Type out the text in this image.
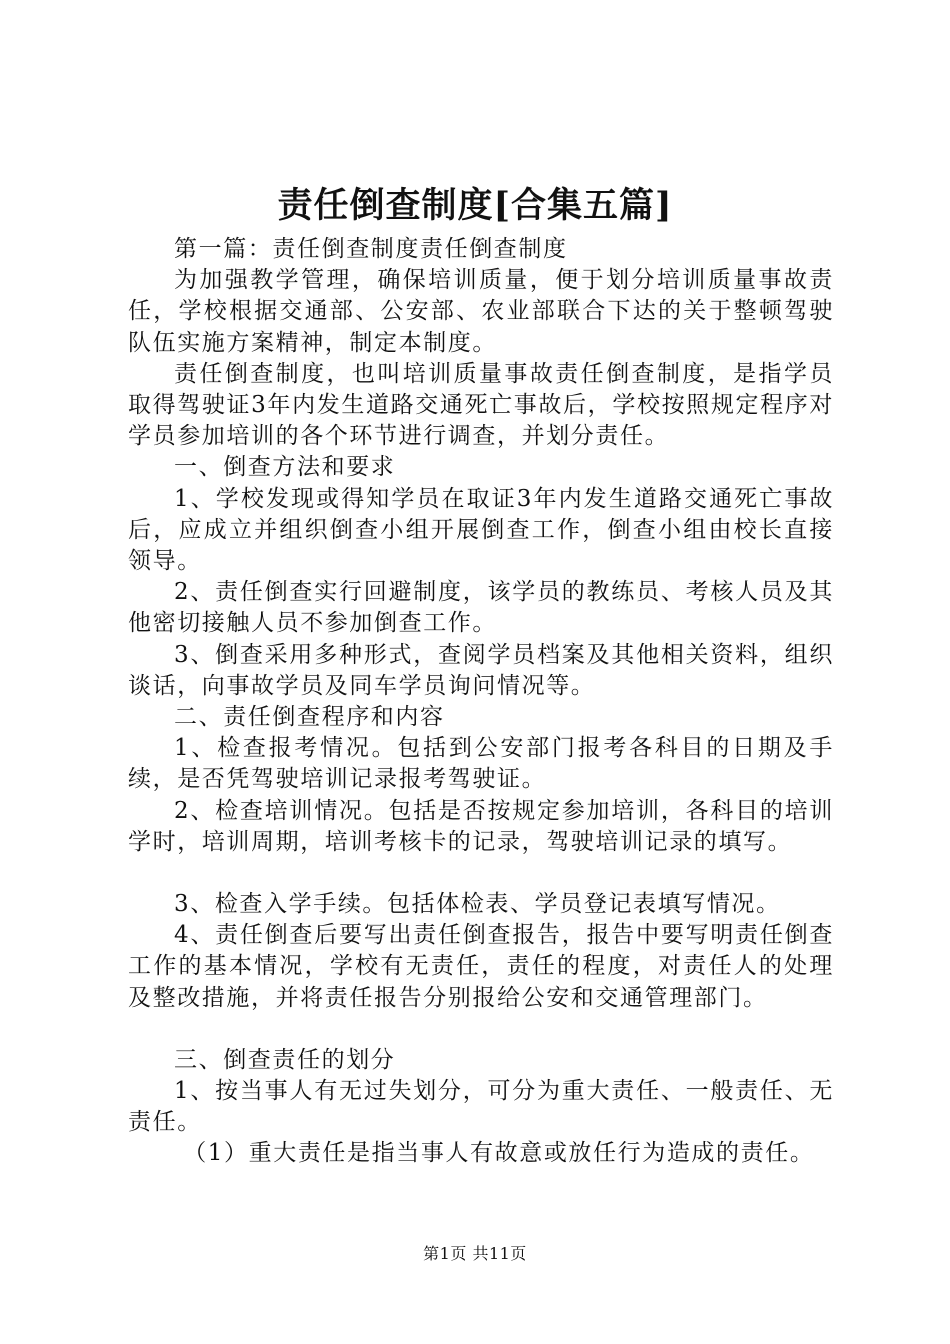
责任倒查制度[合集五篇]

第一篇：责任倒查制度责任倒查制度

为加强教学管理，确保培训质量，便于划分培训质量事故责任，学校根据交通部、公安部、农业部联合下达的关于整顿驾驶队伍实施方案精神，制定本制度。

责任倒查制度，也叫培训质量事故责任倒查制度，是指学员取得驾驶证3年内发生道路交通死亡事故后，学校按照规定程序对学员参加培训的各个环节进行调查，并划分责任。

一、倒查方法和要求

1、学校发现或得知学员在取证3年内发生道路交通死亡事故后，应成立并组织倒查小组开展倒查工作，倒查小组由校长直接领导。

2、责任倒查实行回避制度，该学员的教练员、考核人员及其他密切接触人员不参加倒查工作。

3、倒查采用多种形式，查阅学员档案及其他相关资料，组织谈话，向事故学员及同车学员询问情况等。

二、责任倒查程序和内容

1、检查报考情况。包括到公安部门报考各科目的日期及手续，是否凭驾驶培训记录报考驾驶证。

2、检查培训情况。包括是否按规定参加培训，各科目的培训学时，培训周期，培训考核卡的记录，驾驶培训记录的填写。

3、检查入学手续。包括体检表、学员登记表填写情况。

4、责任倒查后要写出责任倒查报告，报告中要写明责任倒查工作的基本情况，学校有无责任，责任的程度，对责任人的处理及整改措施，并将责任报告分别报给公安和交通管理部门。

三、倒查责任的划分

1、按当事人有无过失划分，可分为重大责任、一般责任、无责任。

（1）重大责任是指当事人有故意或放任行为造成的责任。

第1页 共11页
